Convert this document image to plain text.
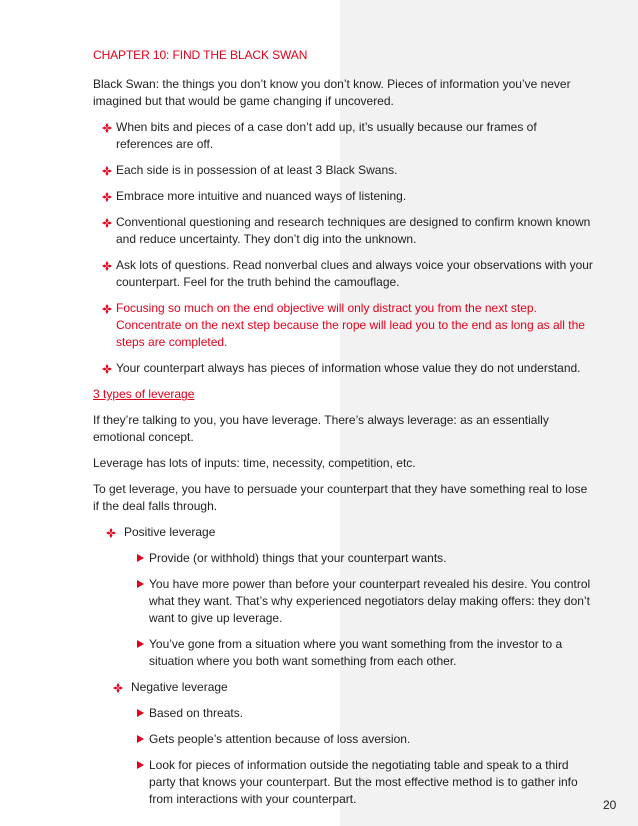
CHAPTER 10: FIND THE BLACK SWAN
Black Swan: the things you don’t know you don’t know. Pieces of information you’ve never imagined but that would be game changing if uncovered.
When bits and pieces of a case don’t add up, it’s usually because our frames of references are off.
Each side is in possession of at least 3 Black Swans.
Embrace more intuitive and nuanced ways of listening.
Conventional questioning and research techniques are designed to confirm known known and reduce uncertainty. They don’t dig into the unknown.
Ask lots of questions. Read nonverbal clues and always voice your observations with your counterpart. Feel for the truth behind the camouflage.
Focusing so much on the end objective will only distract you from the next step. Concentrate on the next step because the rope will lead you to the end as long as all the steps are completed.
Your counterpart always has pieces of information whose value they do not understand.
3 types of leverage
If they’re talking to you, you have leverage. There’s always leverage: as an essentially emotional concept.
Leverage has lots of inputs: time, necessity, competition, etc.
To get leverage, you have to persuade your counterpart that they have something real to lose if the deal falls through.
Positive leverage
Provide (or withhold) things that your counterpart wants.
You have more power than before your counterpart revealed his desire. You control what they want. That’s why experienced negotiators delay making offers: they don’t want to give up leverage.
You’ve gone from a situation where you want something from the investor to a situation where you both want something from each other.
Negative leverage
Based on threats.
Gets people’s attention because of loss aversion.
Look for pieces of information outside the negotiating table and speak to a third party that knows your counterpart. But the most effective method is to gather info from interactions with your counterpart.	20
